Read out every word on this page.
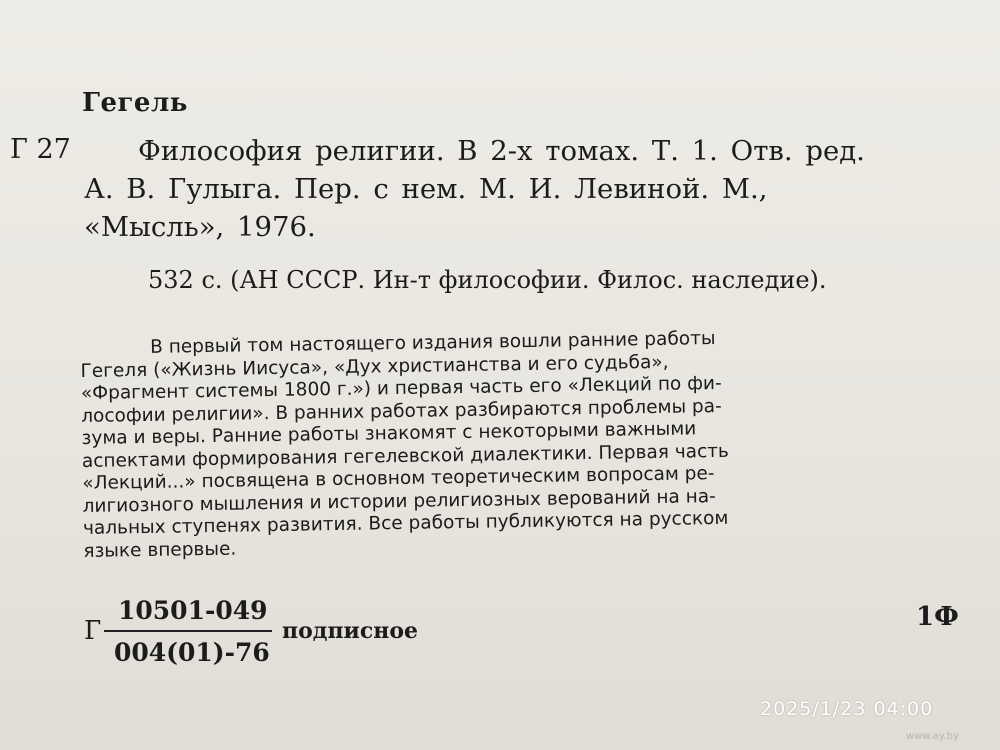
Гегель
Г 27	Философия религии. В 2-х томах. Т. 1. Отв. ред.
А. В. Гулыга. Пер. с нем. М. И. Левиной. М.,
«Мысль», 1976.
532 с. (АН СССР. Ин-т философии. Филос. наследие).
В первый том настоящего издания вошли ранние работы
Гегеля («Жизнь Иисуса», «Дух христианства и его судьба»,
«Фрагмент системы 1800 г.») и первая часть его «Лекций по фи-
лософии религии». В ранних работах разбираются проблемы ра-
зума и веры. Ранние работы знакомят с некоторыми важными
аспектами формирования гегелевской диалектики. Первая часть
«Лекций...» посвящена в основном теоретическим вопросам ре-
лигиозного мышления и истории религиозных верований на на-
чальных ступенях развития. Все работы публикуются на русском
языке впервые.
Г
10501-049
004(01)-76
подписное	1Ф
2025/1/23 04:00
www.ay.by
